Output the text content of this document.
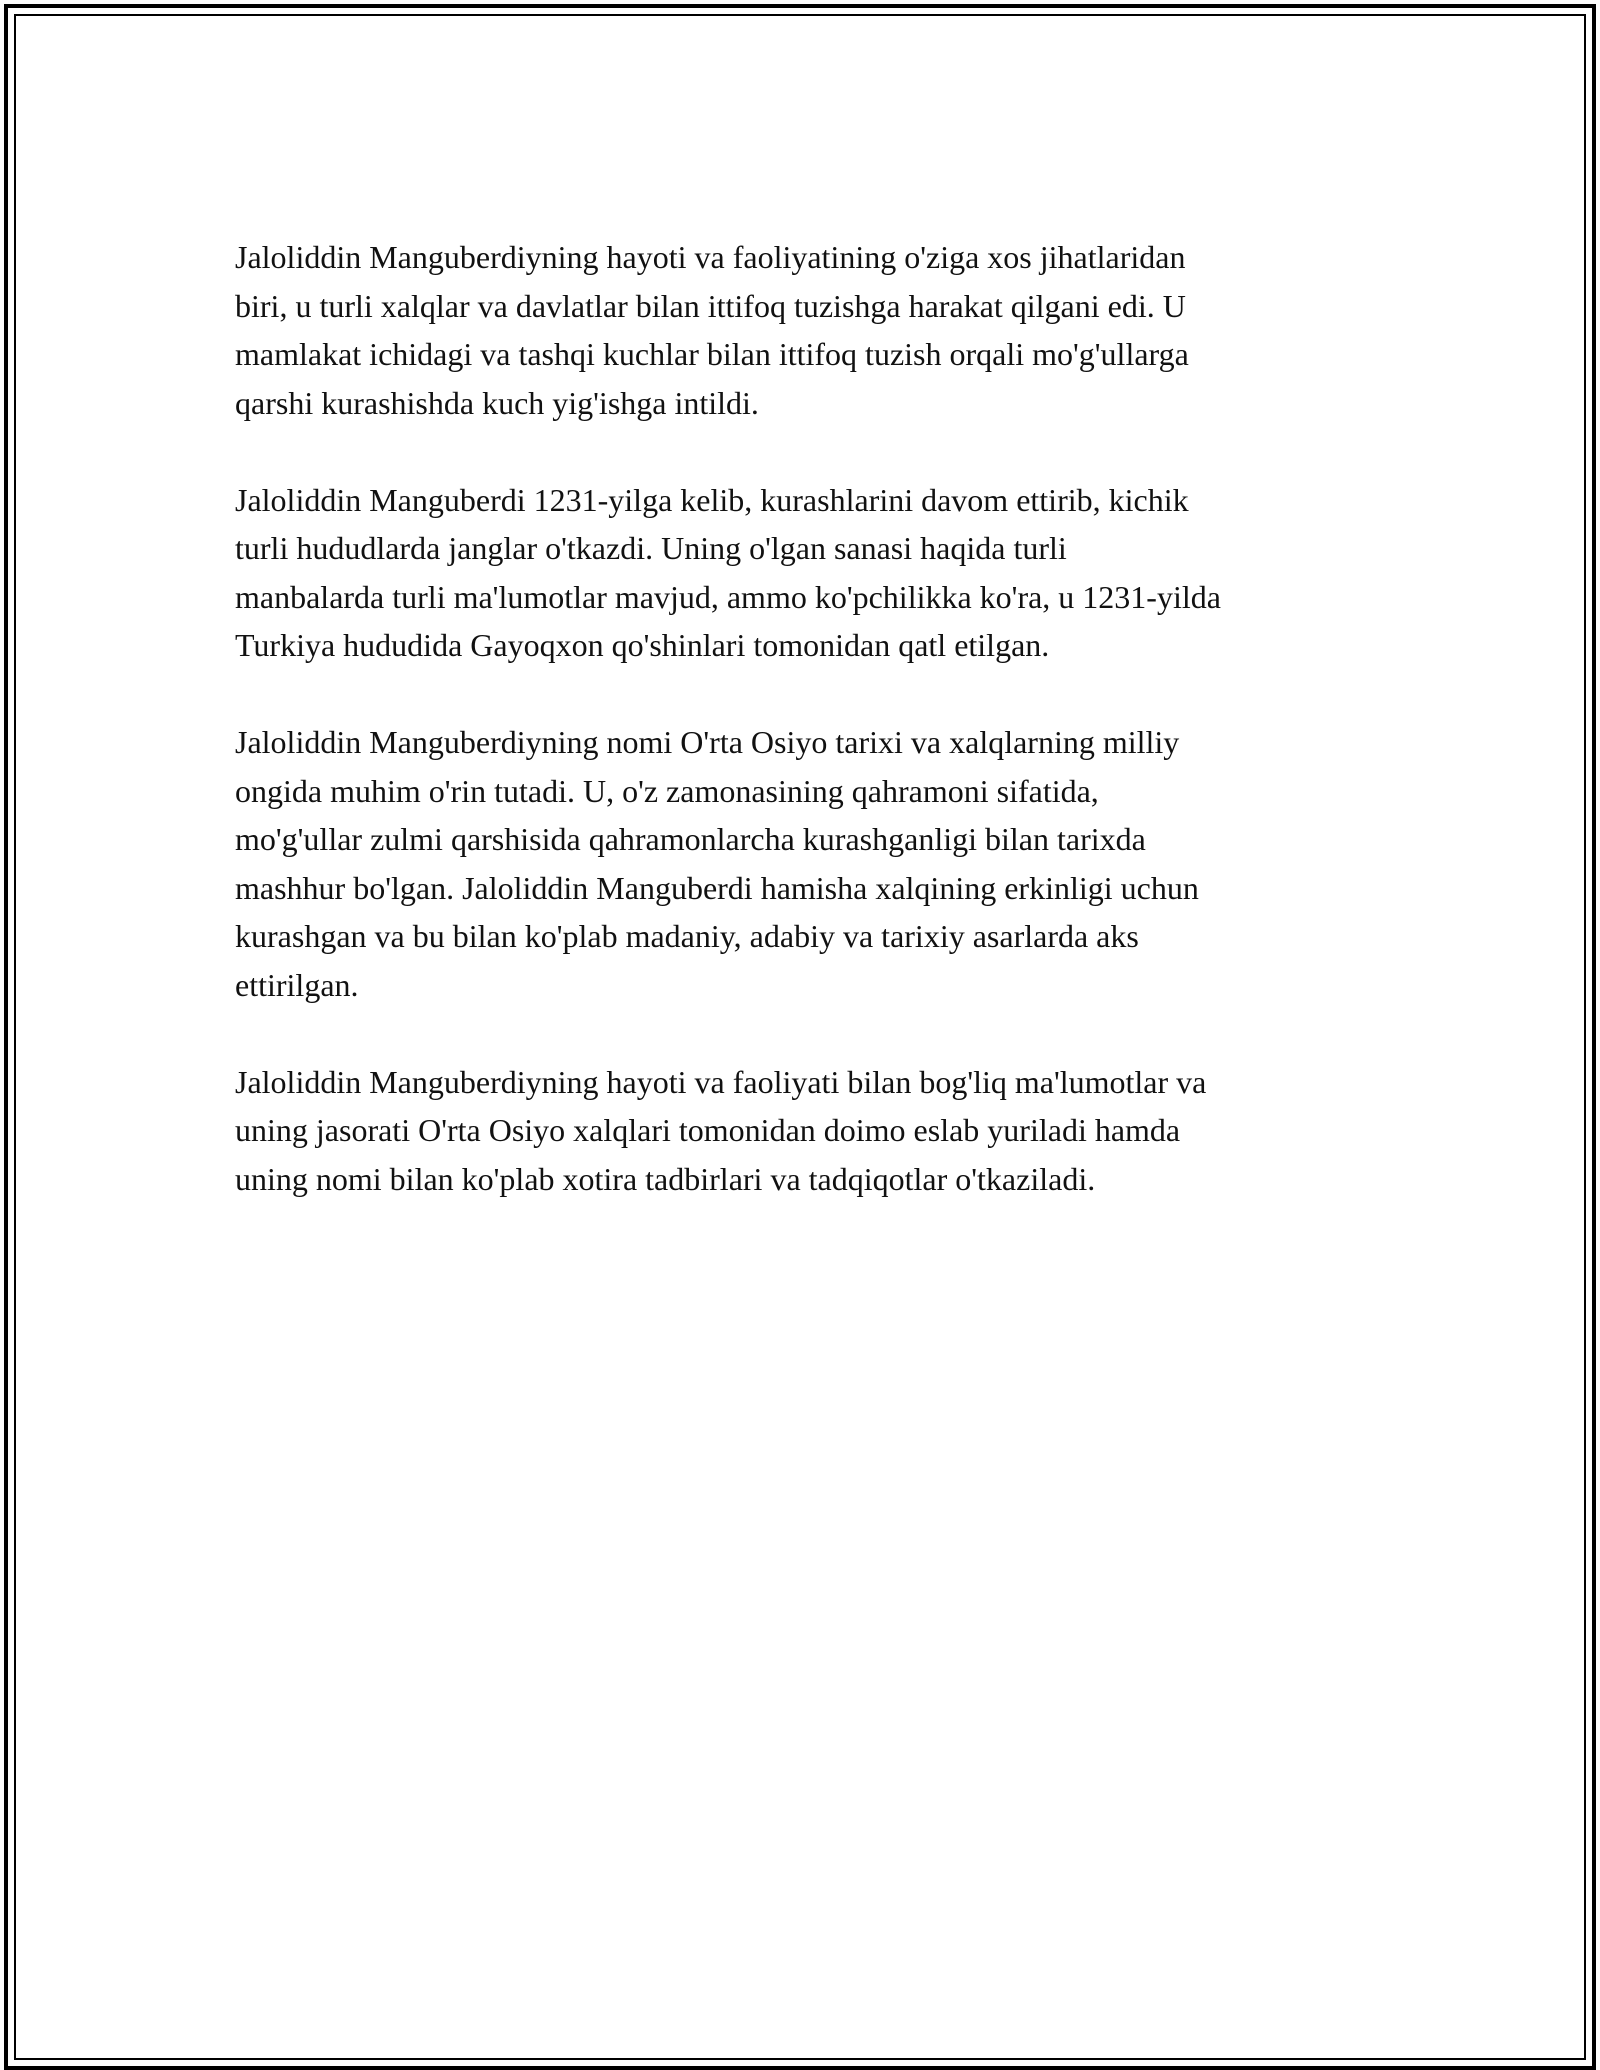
Jaloliddin Manguberdiyning hayoti va faoliyatining o'ziga xos jihatlaridan
biri, u turli xalqlar va davlatlar bilan ittifoq tuzishga harakat qilgani edi. U
mamlakat ichidagi va tashqi kuchlar bilan ittifoq tuzish orqali mo'g'ullarga
qarshi kurashishda kuch yig'ishga intildi.

Jaloliddin Manguberdi 1231-yilga kelib, kurashlarini davom ettirib, kichik
turli hududlarda janglar o'tkazdi. Uning o'lgan sanasi haqida turli
manbalarda turli ma'lumotlar mavjud, ammo ko'pchilikka ko'ra, u 1231-yilda
Turkiya hududida Gayoqxon qo'shinlari tomonidan qatl etilgan.

Jaloliddin Manguberdiyning nomi O'rta Osiyo tarixi va xalqlarning milliy
ongida muhim o'rin tutadi. U, o'z zamonasining qahramoni sifatida,
mo'g'ullar zulmi qarshisida qahramonlarcha kurashganligi bilan tarixda
mashhur bo'lgan. Jaloliddin Manguberdi hamisha xalqining erkinligi uchun
kurashgan va bu bilan ko'plab madaniy, adabiy va tarixiy asarlarda aks
ettirilgan.

Jaloliddin Manguberdiyning hayoti va faoliyati bilan bog'liq ma'lumotlar va
uning jasorati O'rta Osiyo xalqlari tomonidan doimo eslab yuriladi hamda
uning nomi bilan ko'plab xotira tadbirlari va tadqiqotlar o'tkaziladi.
